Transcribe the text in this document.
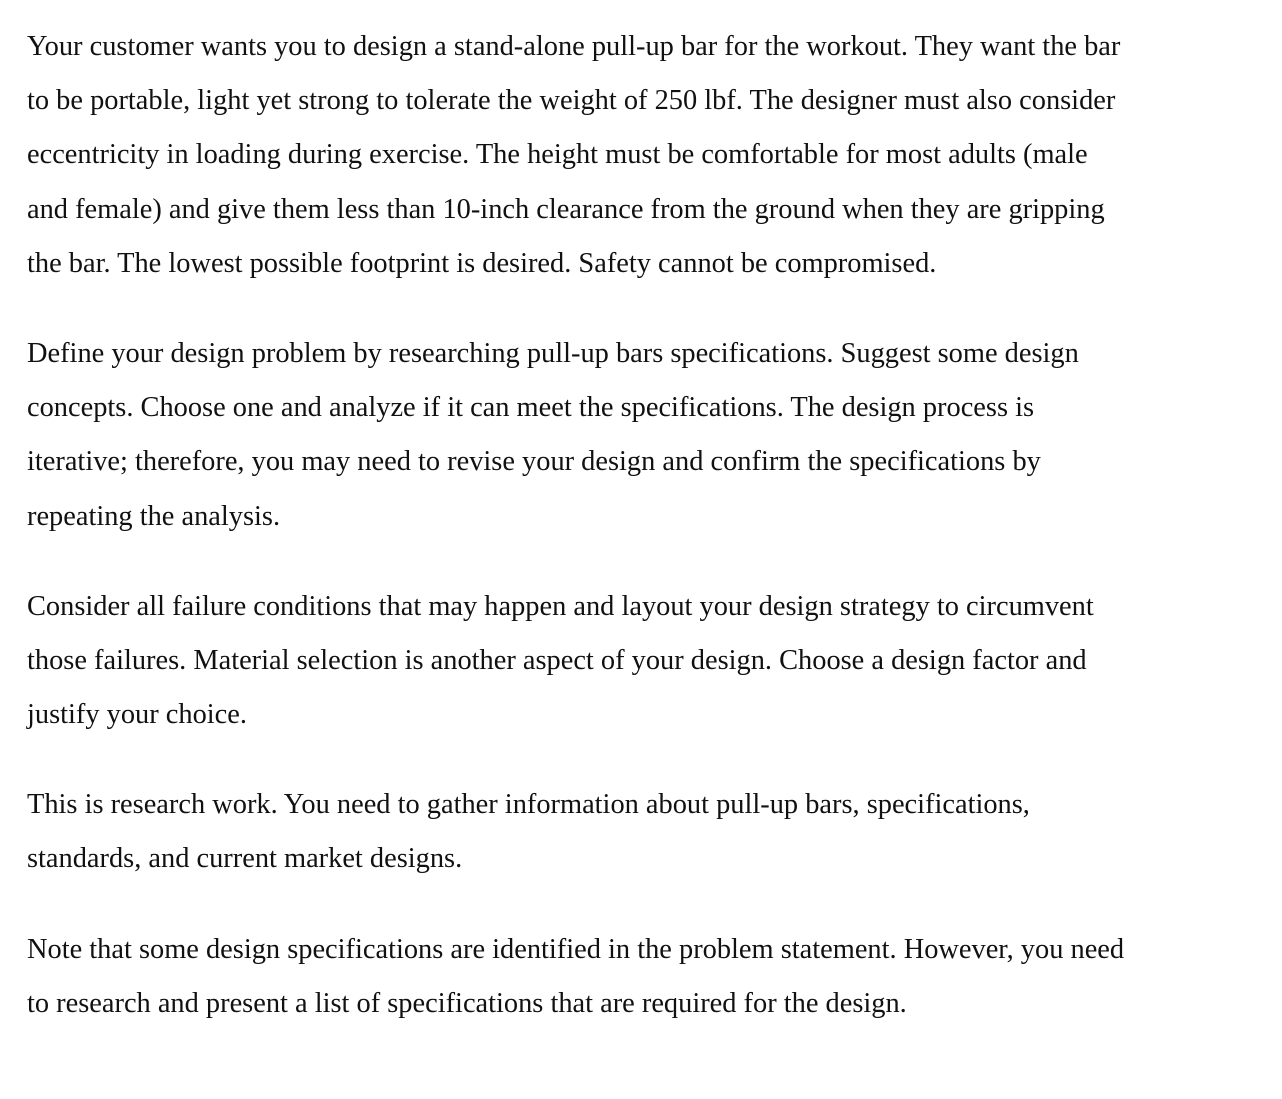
Your customer wants you to design a stand-alone pull-up bar for the workout. They want the bar
to be portable, light yet strong to tolerate the weight of 250 lbf. The designer must also consider
eccentricity in loading during exercise. The height must be comfortable for most adults (male
and female) and give them less than 10-inch clearance from the ground when they are gripping
the bar. The lowest possible footprint is desired. Safety cannot be compromised.

Define your design problem by researching pull-up bars specifications. Suggest some design
concepts. Choose one and analyze if it can meet the specifications. The design process is
iterative; therefore, you may need to revise your design and confirm the specifications by
repeating the analysis.

Consider all failure conditions that may happen and layout your design strategy to circumvent
those failures. Material selection is another aspect of your design. Choose a design factor and
justify your choice.

This is research work. You need to gather information about pull-up bars, specifications,
standards, and current market designs.

Note that some design specifications are identified in the problem statement. However, you need
to research and present a list of specifications that are required for the design.
